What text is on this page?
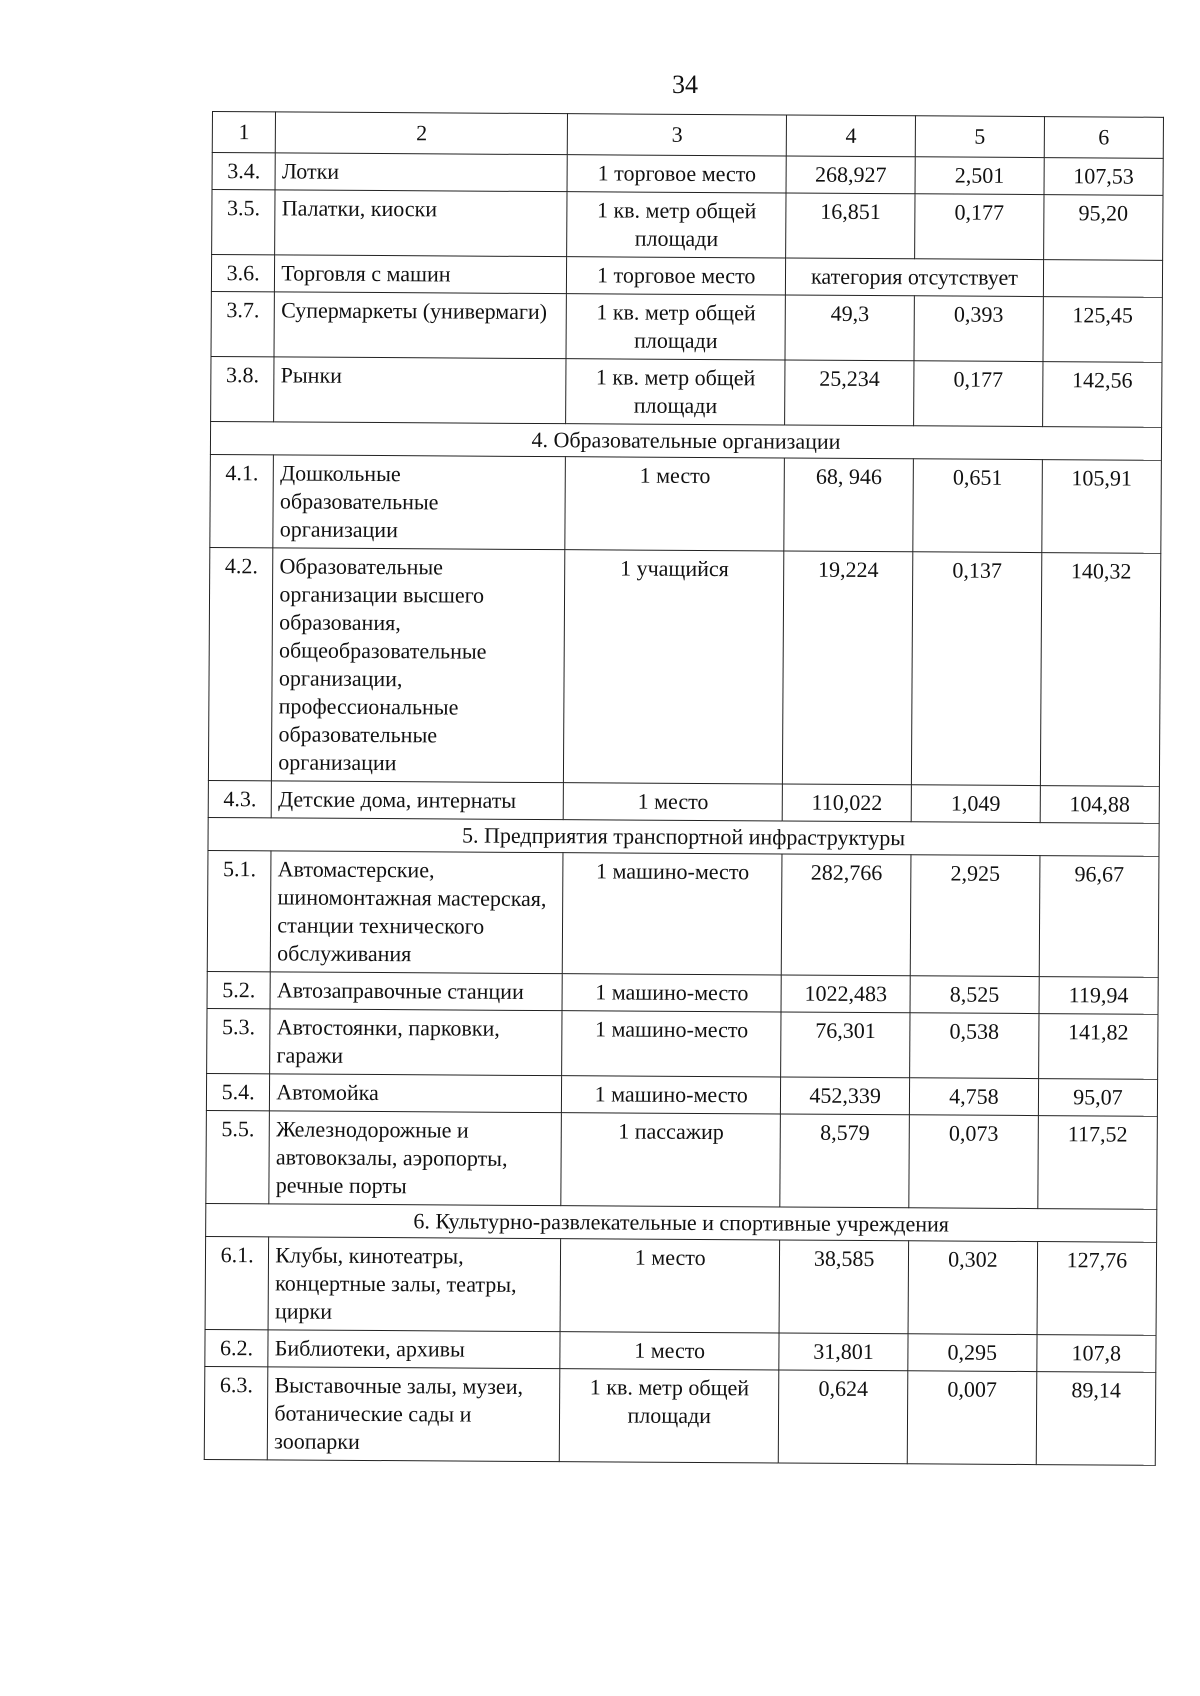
34
1	2	3	4	5	6
3.4.	Лотки	1 торговое место	268,927	2,501	107,53
3.5.	Палатки, киоски	1 кв. метр общей площади	16,851	0,177	95,20
3.6.	Торговля с машин	1 торговое место	категория отсутствует		
3.7.	Супермаркеты (универмаги)	1 кв. метр общей площади	49,3	0,393	125,45
3.8.	Рынки	1 кв. метр общей площади	25,234	0,177	142,56
4. Образовательные организации					
4.1.	Дошкольные образовательные организации	1 место	68, 946	0,651	105,91
4.2.	Образовательные организации высшего образования, общеобразовательные организации, профессиональные образовательные организации	1 учащийся	19,224	0,137	140,32
4.3.	Детские дома, интернаты	1 место	110,022	1,049	104,88
5. Предприятия транспортной инфраструктуры					
5.1.	Автомастерские, шиномонтажная мастерская, станции технического обслуживания	1 машино-место	282,766	2,925	96,67
5.2.	Автозаправочные станции	1 машино-место	1022,483	8,525	119,94
5.3.	Автостоянки, парковки, гаражи	1 машино-место	76,301	0,538	141,82
5.4.	Автомойка	1 машино-место	452,339	4,758	95,07
5.5.	Железнодорожные и автовокзалы, аэропорты, речные порты	1 пассажир	8,579	0,073	117,52
6. Культурно-развлекательные и спортивные учреждения					
6.1.	Клубы, кинотеатры, концертные залы, театры, цирки	1 место	38,585	0,302	127,76
6.2.	Библиотеки, архивы	1 место	31,801	0,295	107,8
6.3.	Выставочные залы, музеи, ботанические сады и зоопарки	1 кв. метр общей площади	0,624	0,007	89,14
